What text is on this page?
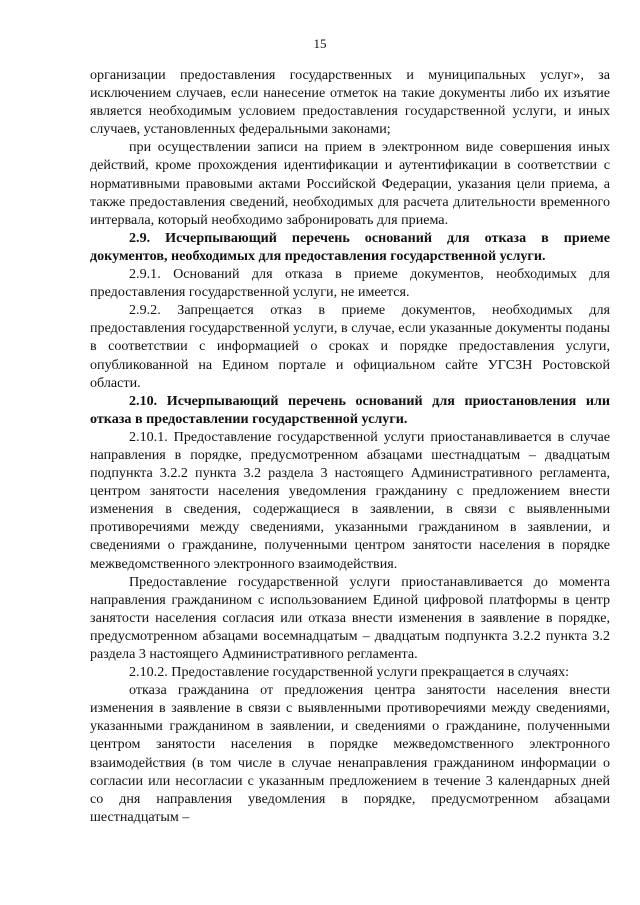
15

организации предоставления государственных и муниципальных услуг», за исключением случаев, если нанесение отметок на такие документы либо их изъятие является необходимым условием предоставления государственной услуги, и иных случаев, установленных федеральными законами;

при осуществлении записи на прием в электронном виде совершения иных действий, кроме прохождения идентификации и аутентификации в соответствии с нормативными правовыми актами Российской Федерации, указания цели приема, а также предоставления сведений, необходимых для расчета длительности временного интервала, который необходимо забронировать для приема.

2.9. Исчерпывающий перечень оснований для отказа в приеме документов, необходимых для предоставления государственной услуги.

2.9.1. Оснований для отказа в приеме документов, необходимых для предоставления государственной услуги, не имеется.

2.9.2. Запрещается отказ в приеме документов, необходимых для предоставления государственной услуги, в случае, если указанные документы поданы в соответствии с информацией о сроках и порядке предоставления услуги, опубликованной на Едином портале и официальном сайте УГСЗН Ростовской области.

2.10. Исчерпывающий перечень оснований для приостановления или отказа в предоставлении государственной услуги.

2.10.1. Предоставление государственной услуги приостанавливается в случае направления в порядке, предусмотренном абзацами шестнадцатым – двадцатым подпункта 3.2.2 пункта 3.2 раздела 3 настоящего Административного регламента, центром занятости населения уведомления гражданину с предложением внести изменения в сведения, содержащиеся в заявлении, в связи с выявленными противоречиями между сведениями, указанными гражданином в заявлении, и сведениями о гражданине, полученными центром занятости населения в порядке межведомственного электронного взаимодействия.

Предоставление государственной услуги приостанавливается до момента направления гражданином с использованием Единой цифровой платформы в центр занятости населения согласия или отказа внести изменения в заявление в порядке, предусмотренном абзацами восемнадцатым – двадцатым подпункта 3.2.2 пункта 3.2 раздела 3 настоящего Административного регламента.

2.10.2. Предоставление государственной услуги прекращается в случаях:

отказа гражданина от предложения центра занятости населения внести изменения в заявление в связи с выявленными противоречиями между сведениями, указанными гражданином в заявлении, и сведениями о гражданине, полученными центром занятости населения в порядке межведомственного электронного взаимодействия (в том числе в случае ненаправления гражданином информации о согласии или несогласии с указанным предложением в течение 3 календарных дней со дня направления уведомления в порядке, предусмотренном абзацами шестнадцатым –
